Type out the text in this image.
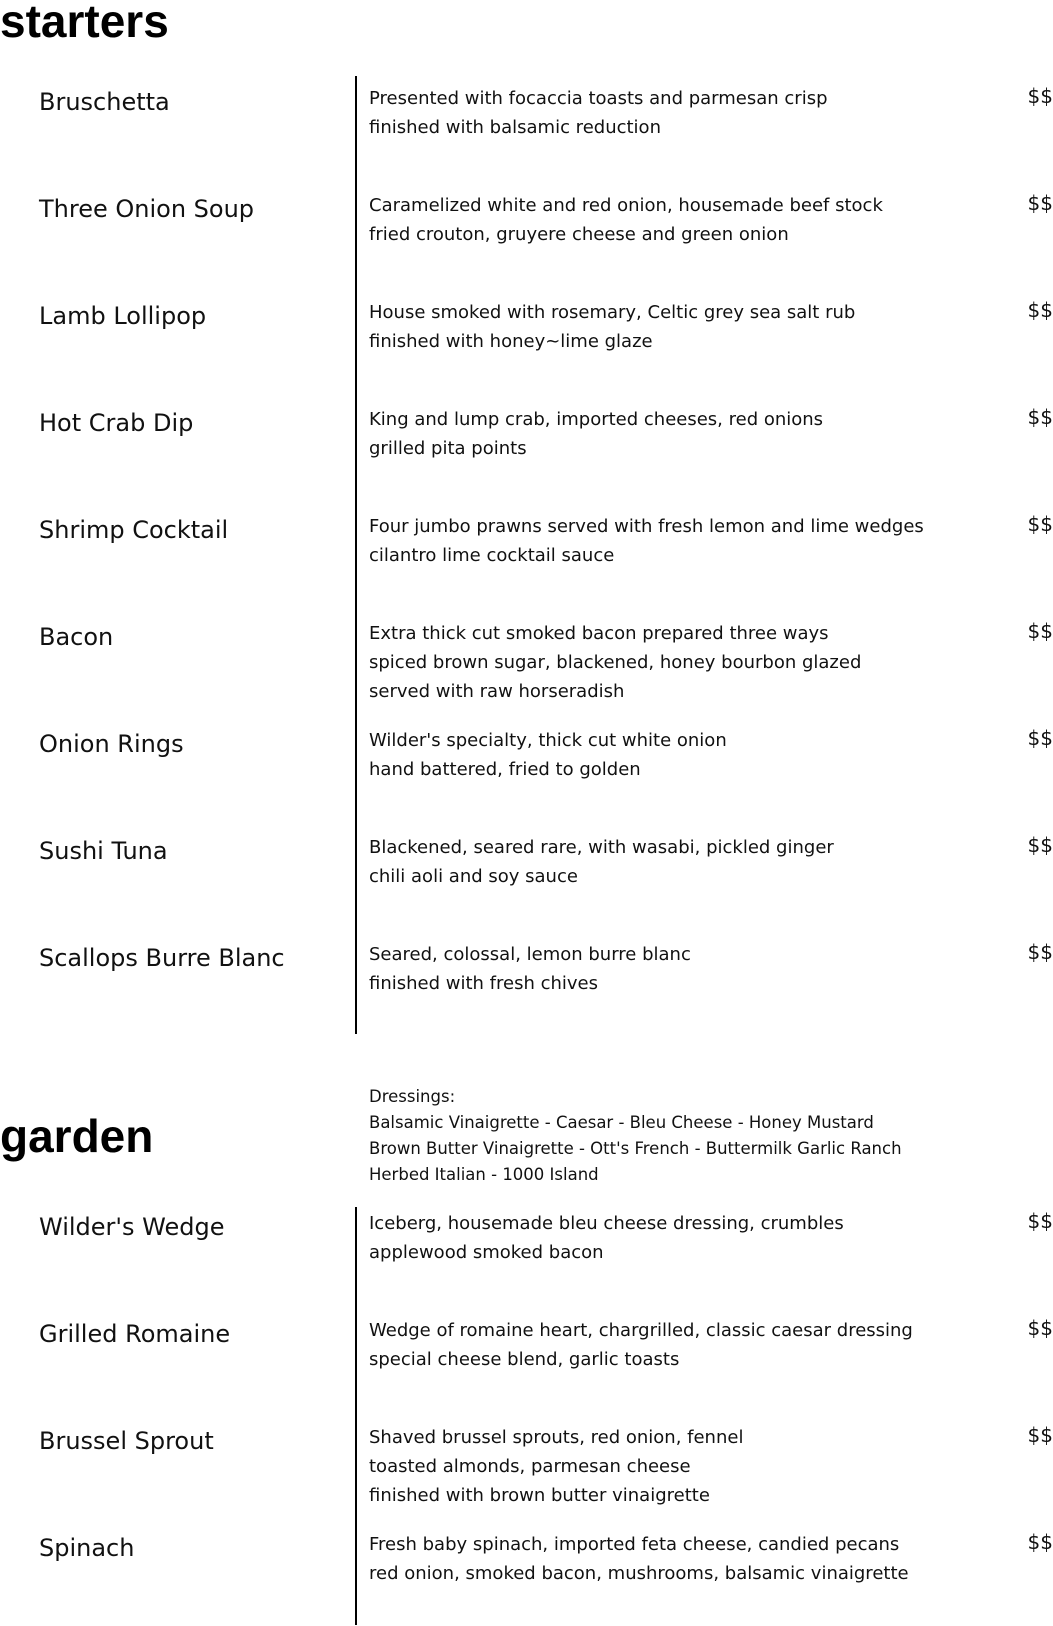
starters
Bruschetta	Presented with focaccia toasts and parmesan crisp
finished with balsamic reduction
$$
Three Onion Soup	Caramelized white and red onion, housemade beef stock
fried crouton, gruyere cheese and green onion
$$
Lamb Lollipop	House smoked with rosemary, Celtic grey sea salt rub
finished with honey~lime glaze
$$
Hot Crab Dip	King and lump crab, imported cheeses, red onions
grilled pita points
$$
Shrimp Cocktail	Four jumbo prawns served with fresh lemon and lime wedges
cilantro lime cocktail sauce
$$
Bacon	Extra thick cut smoked bacon prepared three ways
spiced brown sugar, blackened, honey bourbon glazed
served with raw horseradish
$$
Onion Rings	Wilder's specialty, thick cut white onion
hand battered, fried to golden
$$
Sushi Tuna	Blackened, seared rare, with wasabi, pickled ginger
chili aoli and soy sauce
$$
Scallops Burre Blanc	Seared, colossal, lemon burre blanc
finished with fresh chives
$$
garden
Dressings:
Balsamic Vinaigrette - Caesar - Bleu Cheese - Honey Mustard
Brown Butter Vinaigrette - Ott's French - Buttermilk Garlic Ranch
Herbed Italian - 1000 Island
Wilder's Wedge	Iceberg, housemade bleu cheese dressing, crumbles
applewood smoked bacon
$$
Grilled Romaine	Wedge of romaine heart, chargrilled, classic caesar dressing
special cheese blend, garlic toasts
$$
Brussel Sprout	Shaved brussel sprouts, red onion, fennel
toasted almonds, parmesan cheese
finished with brown butter vinaigrette
$$
Spinach	Fresh baby spinach, imported feta cheese, candied pecans
red onion, smoked bacon, mushrooms, balsamic vinaigrette
$$
